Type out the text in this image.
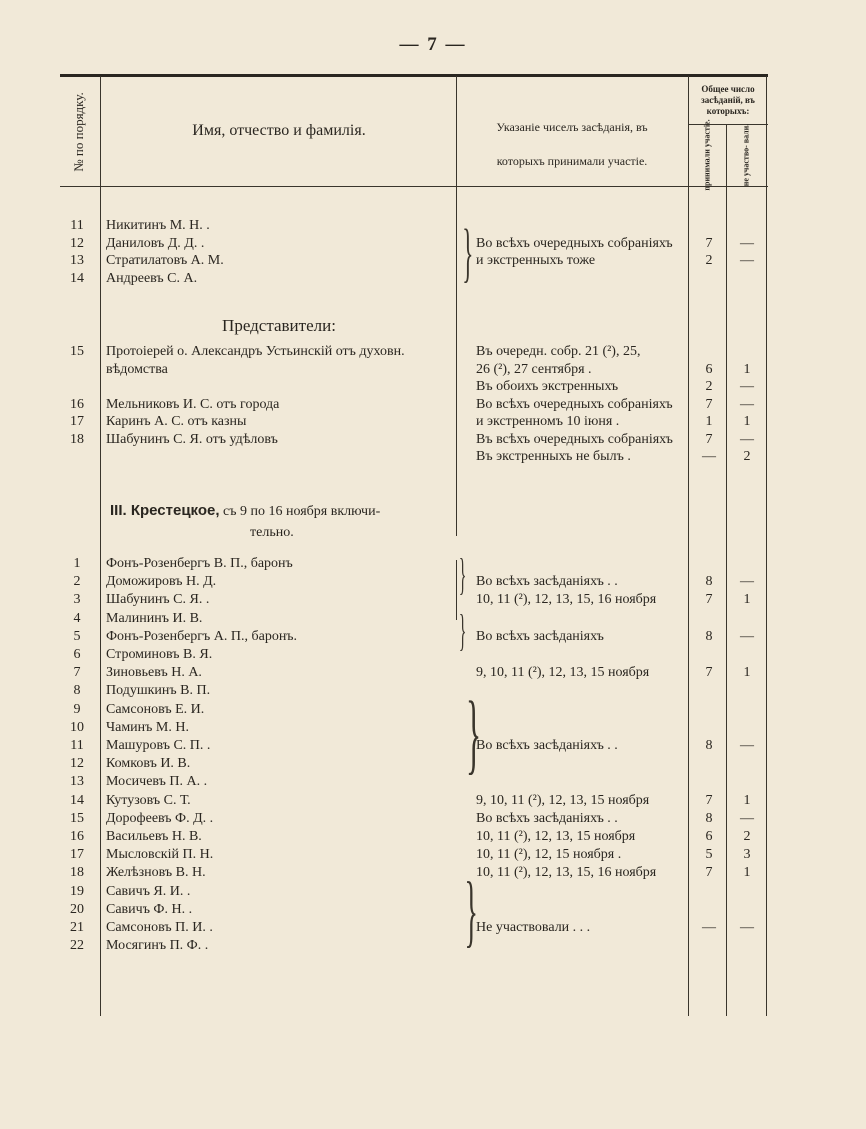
— 7 —
№ по порядку.	Имя, отчество и фамилія.	Указаніе чиселъ засѣданія, въ
которыхъ принимали участіе.
Общее число
засѣданій, въ
которыхъ:
принимали участіе.	не участво- вали.
11	Никитинъ М. Н. .
12	Даниловъ Д. Д. .	Во всѣхъ очередныхъ собраніяхъ	7	—
13	Стратилатовъ А. М.	и экстренныхъ тоже	2	—
14	Андреевъ С. А.	}
Представители:
15	Протоіерей о. Александръ Устьинскій отъ духовн.	Въ очередн. собр. 21 (²), 25,
вѣдомства	26 (²), 27 сентября .	6	1
Въ обоихъ экстренныхъ	2	—
16	Мельниковъ И. С. отъ города	Во всѣхъ очередныхъ собраніяхъ	7	—
17	Каринъ А. С. отъ казны	и экстренномъ 10 іюня .	1	1
18	Шабунинъ С. Я. отъ удѣловъ	Въ всѣхъ очередныхъ собраніяхъ	7	—
Въ экстренныхъ не былъ .	—	2
III. Крестецкое, съ 9 по 16 ноября включи-
тельно.
1	Фонъ-Розенбергъ В. П., баронъ
2	Доможировъ Н. Д.	Во всѣхъ засѣданіяхъ . .	8	—
3	Шабунинъ С. Я. .	10, 11 (²), 12, 13, 15, 16 ноября	7	1
4	Малининъ И. В.
5	Фонъ-Розенбергъ А. П., баронъ.	Во всѣхъ засѣданіяхъ	8	—
6	Строминовъ В. Я.
7	Зиновьевъ Н. А.	9, 10, 11 (²), 12, 13, 15 ноября	7	1
8	Подушкинъ В. П.
9	Самсоновъ Е. И.
10	Чаминъ М. Н.
11	Машуровъ С. П. .	Во всѣхъ засѣданіяхъ . .	8	—
12	Комковъ И. В.
13	Мосичевъ П. А. .
14	Кутузовъ С. Т.	9, 10, 11 (²), 12, 13, 15 ноября	7	1
15	Дорофеевъ Ф. Д. .	Во всѣхъ засѣданіяхъ . .	8	—
16	Васильевъ Н. В.	10, 11 (²), 12, 13, 15 ноября	6	2
17	Мысловскій П. Н.	10, 11 (²), 12, 15 ноября .	5	3
18	Желѣзновъ В. Н.	10, 11 (²), 12, 13, 15, 16 ноября	7	1
19	Савичъ Я. И. .
20	Савичъ Ф. Н. .
21	Самсоновъ П. И. .	Не участвовали . . .	—	—
22	Мосягинъ П. Ф. .
}
}
}
}
